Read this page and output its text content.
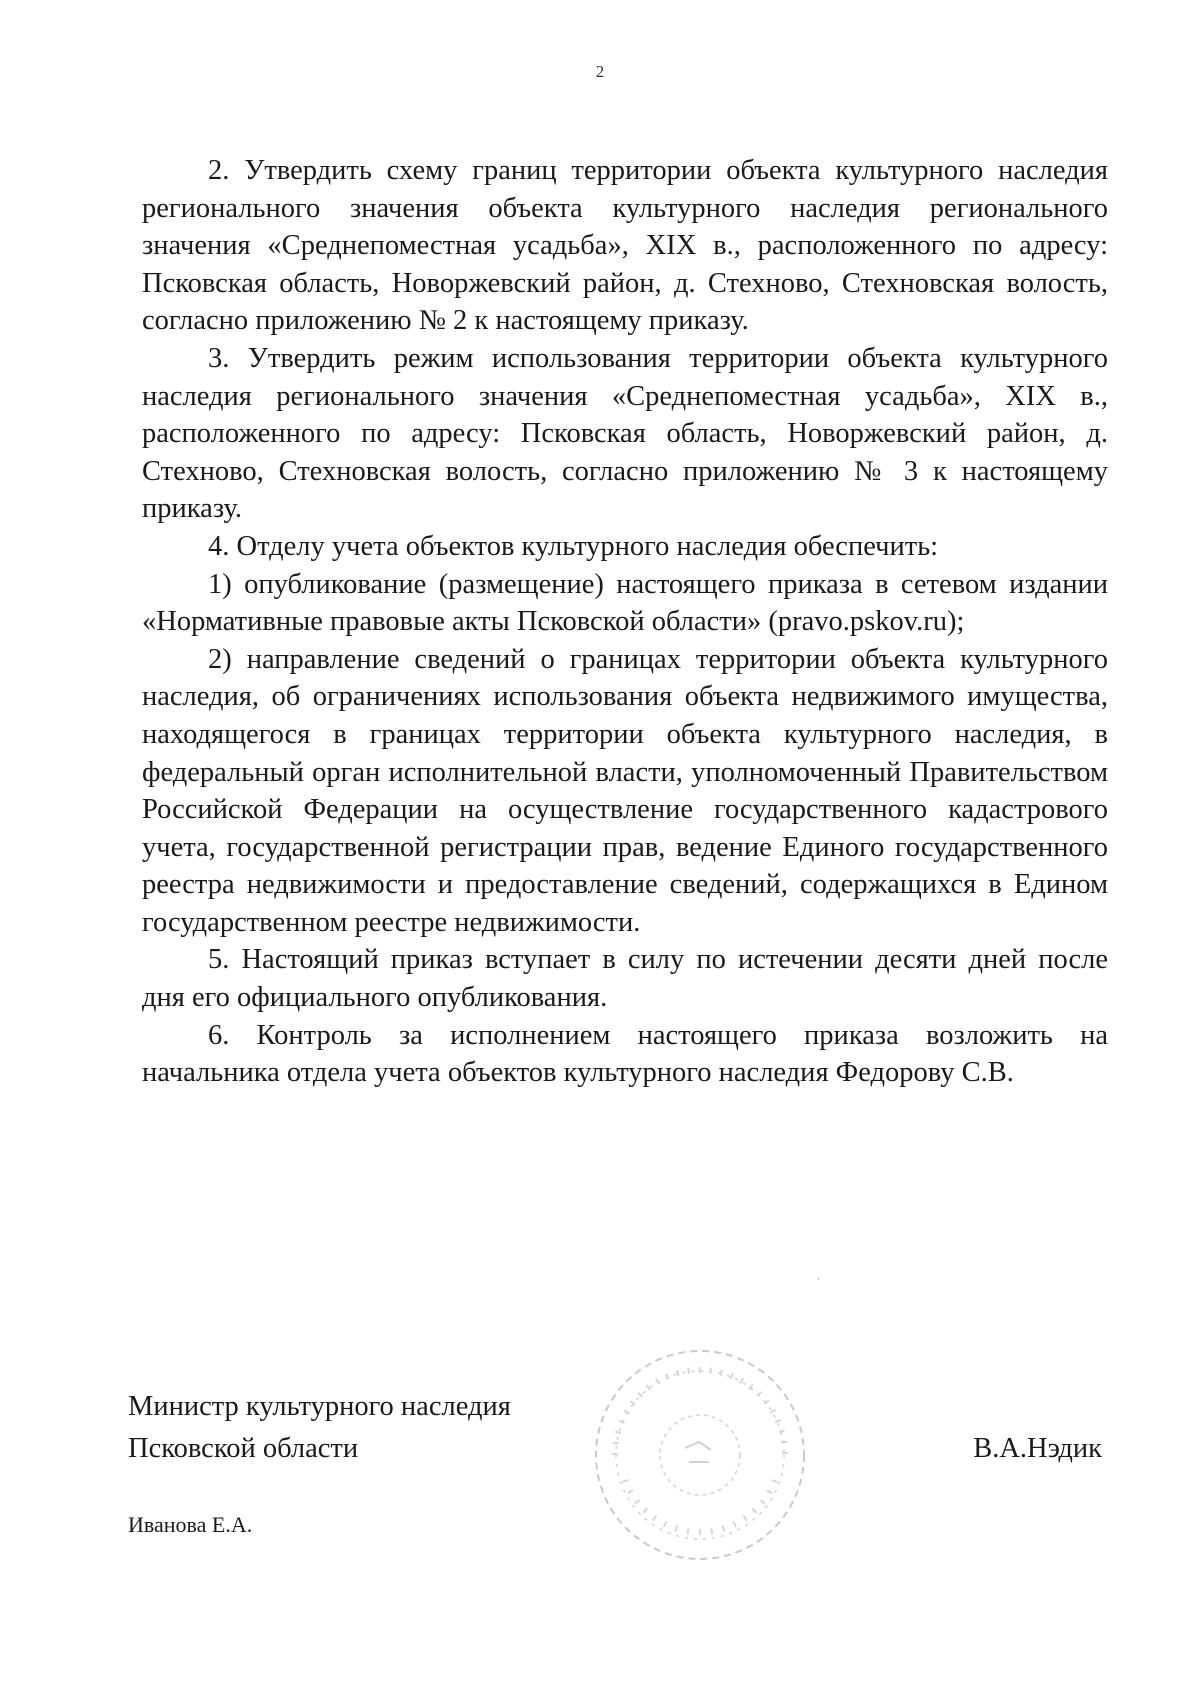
2

2. Утвердить схему границ территории объекта культурного наследия регионального значения объекта культурного наследия регионального значения «Среднепоместная усадьба», XIX в., расположенного по адресу: Псковская область, Новоржевский район, д. Стехново, Стехновская волость, согласно приложению № 2 к настоящему приказу.

3. Утвердить режим использования территории объекта культурного наследия регионального значения «Среднепоместная усадьба», XIX в., расположенного по адресу: Псковская область, Новоржевский район, д. Стехново, Стехновская волость, согласно приложению № 3 к настоящему приказу.

4. Отделу учета объектов культурного наследия обеспечить:

1) опубликование (размещение) настоящего приказа в сетевом издании «Нормативные правовые акты Псковской области» (pravo.pskov.ru);

2) направление сведений о границах территории объекта культурного наследия, об ограничениях использования объекта недвижимого имущества, находящегося в границах территории объекта культурного наследия, в федеральный орган исполнительной власти, уполномоченный Правительством Российской Федерации на осуществление государственного кадастрового учета, государственной регистрации прав, ведение Единого государственного реестра недвижимости и предоставление сведений, содержащихся в Едином государственном реестре недвижимости.

5. Настоящий приказ вступает в силу по истечении десяти дней после дня его официального опубликования.

6. Контроль за исполнением настоящего приказа возложить на начальника отдела учета объектов культурного наследия Федорову С.В.

Министр культурного наследия
Псковской области	В.А.Нэдик
Иванова Е.А.
˙
